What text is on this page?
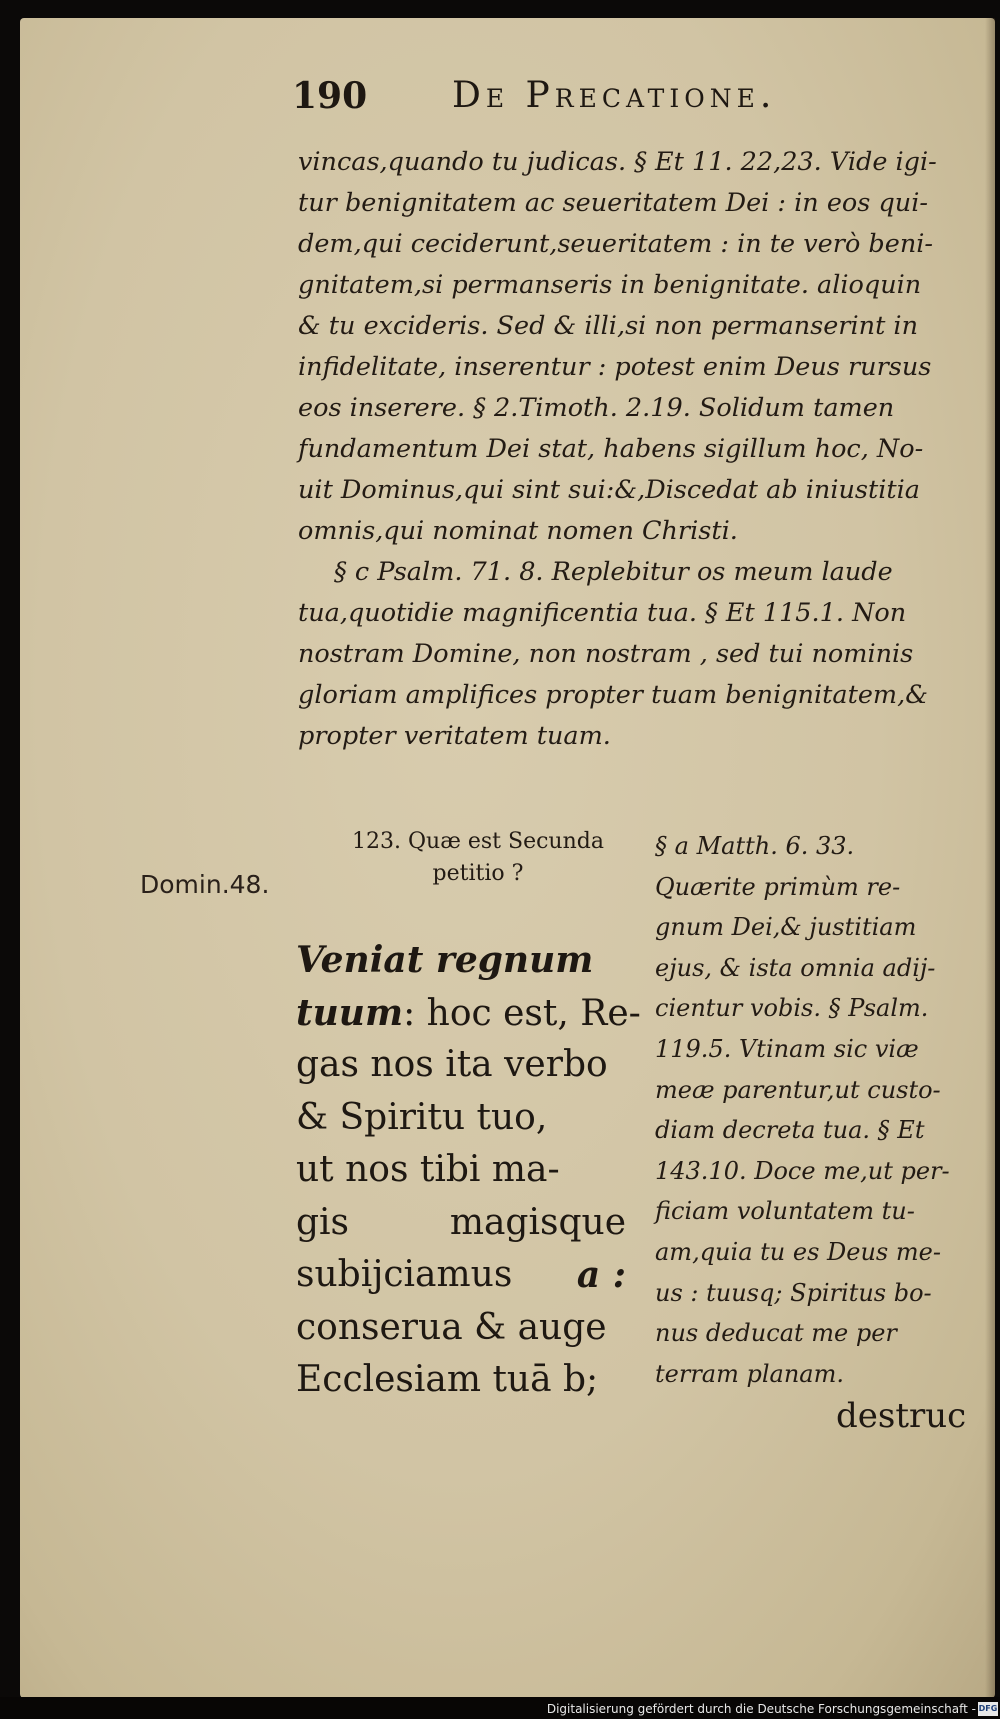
190 De Precatione.
vincas,quando tu judicas. § Et 11. 22,23. Vide igi-
tur benignitatem ac seueritatem Dei : in eos qui-
dem,qui ceciderunt,seueritatem : in te verò beni-
gnitatem,si permanseris in benignitate. alioquin
& tu excideris. Sed & illi,si non permanserint in
infidelitate, inserentur : potest enim Deus rursus
eos inserere. § 2.Timoth. 2.19. Solidum tamen
fundamentum Dei stat, habens sigillum hoc, No-
uit Dominus,qui sint sui:&,Discedat ab iniustitia
omnis,qui nominat nomen Christi.
§ c Psalm. 71. 8. Replebitur os meum laude
tua,quotidie magnificentia tua. § Et 115.1. Non
nostram Domine, non nostram , sed tui nominis
gloriam amplifices propter tuam benignitatem,&
propter veritatem tuam.
123. Quæ est Secunda
petitio ?
Domin.48.
Veniat regnum
tuum: hoc est, Re-
gas nos ita verbo
& Spiritu tuo,
ut nos tibi ma-
gis	magisque
subijciamus a :
conserua & auge
Ecclesiam tuā b;
§ a Matth. 6. 33.
Quærite primùm re-
gnum Dei,& justitiam
ejus, & ista omnia adij-
cientur vobis. § Psalm.
119.5. Vtinam sic viæ
meæ parentur,ut custo-
diam decreta tua. § Et
143.10. Doce me,ut per-
ficiam voluntatem tu-
am,quia tu es Deus me-
us : tuusq; Spiritus bo-
nus deducat me per
terram planam.
destruc
Digitalisierung gefördert durch die Deutsche Forschungsgemeinschaft - DFG
